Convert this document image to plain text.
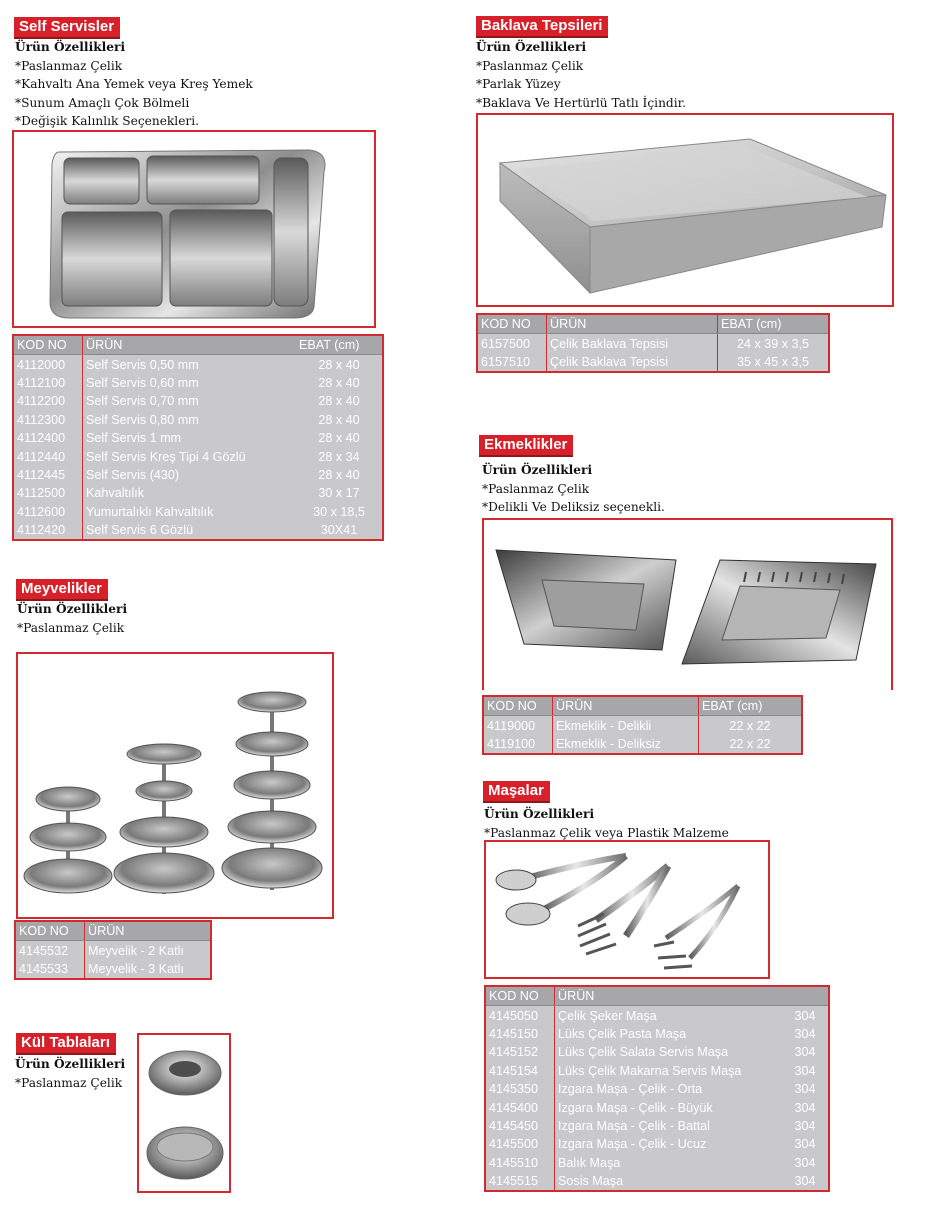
Self Servisler
Ürün Özellikleri
*Paslanmaz Çelik
*Kahvaltı Ana Yemek veya Kreş Yemek
*Sunum Amaçlı Çok Bölmeli
*Değişik Kalınlık Seçenekleri.
KOD NO	ÜRÜN	EBAT (cm)
4112000	Self Servis 0,50 mm	28 x 40
4112100	Self Servis 0,60 mm	28 x 40
4112200	Self Servis 0,70 mm	28 x 40
4112300	Self Servis 0,80 mm	28 x 40
4112400	Self Servis 1 mm	28 x 40
4112440	Self Servis Kreş Tipi 4 Gözlü	28 x 34
4112445	Self Servis (430)	28 x 40
4112500	Kahvaltılık	30 x 17
4112600	Yumurtalıklı Kahvaltılık	30 x 18,5
4112420	Self Servis 6 Gözlü	30X41
Meyvelikler
Ürün Özellikleri
*Paslanmaz Çelik
KOD NO	ÜRÜN
4145532	Meyvelik - 2 Katlı
4145533	Meyvelik - 3 Katlı
Kül Tablaları
Ürün Özellikleri
*Paslanmaz Çelik
Baklava Tepsileri
Ürün Özellikleri
*Paslanmaz Çelik
*Parlak Yüzey
*Baklava Ve Hertürlü Tatlı İçindir.
KOD NO	ÜRÜN	EBAT (cm)
6157500	Çelik Baklava Tepsisi	24 x 39 x 3,5
6157510	Çelik Baklava Tepsisi	35 x 45 x 3,5
Ekmeklikler
Ürün Özellikleri
*Paslanmaz Çelik
*Delikli Ve Deliksiz seçenekli.
KOD NO	ÜRÜN	EBAT (cm)
4119000	Ekmeklik - Delikli	22 x 22
4119100	Ekmeklik - Deliksiz	22 x 22
Maşalar
Ürün Özellikleri
*Paslanmaz Çelik veya Plastik Malzeme
KOD NO	ÜRÜN	
4145050	Çelik Şeker Maşa	304
4145150	Lüks Çelik Pasta Maşa	304
4145152	Lüks Çelik Salata Servis Maşa	304
4145154	Lüks Çelik Makarna Servis Maşa	304
4145350	Izgara Maşa - Çelik - Orta	304
4145400	Izgara Maşa - Çelik - Büyük	304
4145450	Izgara Maşa - Çelik - Battal	304
4145500	Izgara Maşa - Çelik - Ucuz	304
4145510	Balık Maşa	304
4145515	Sosis Maşa	304
